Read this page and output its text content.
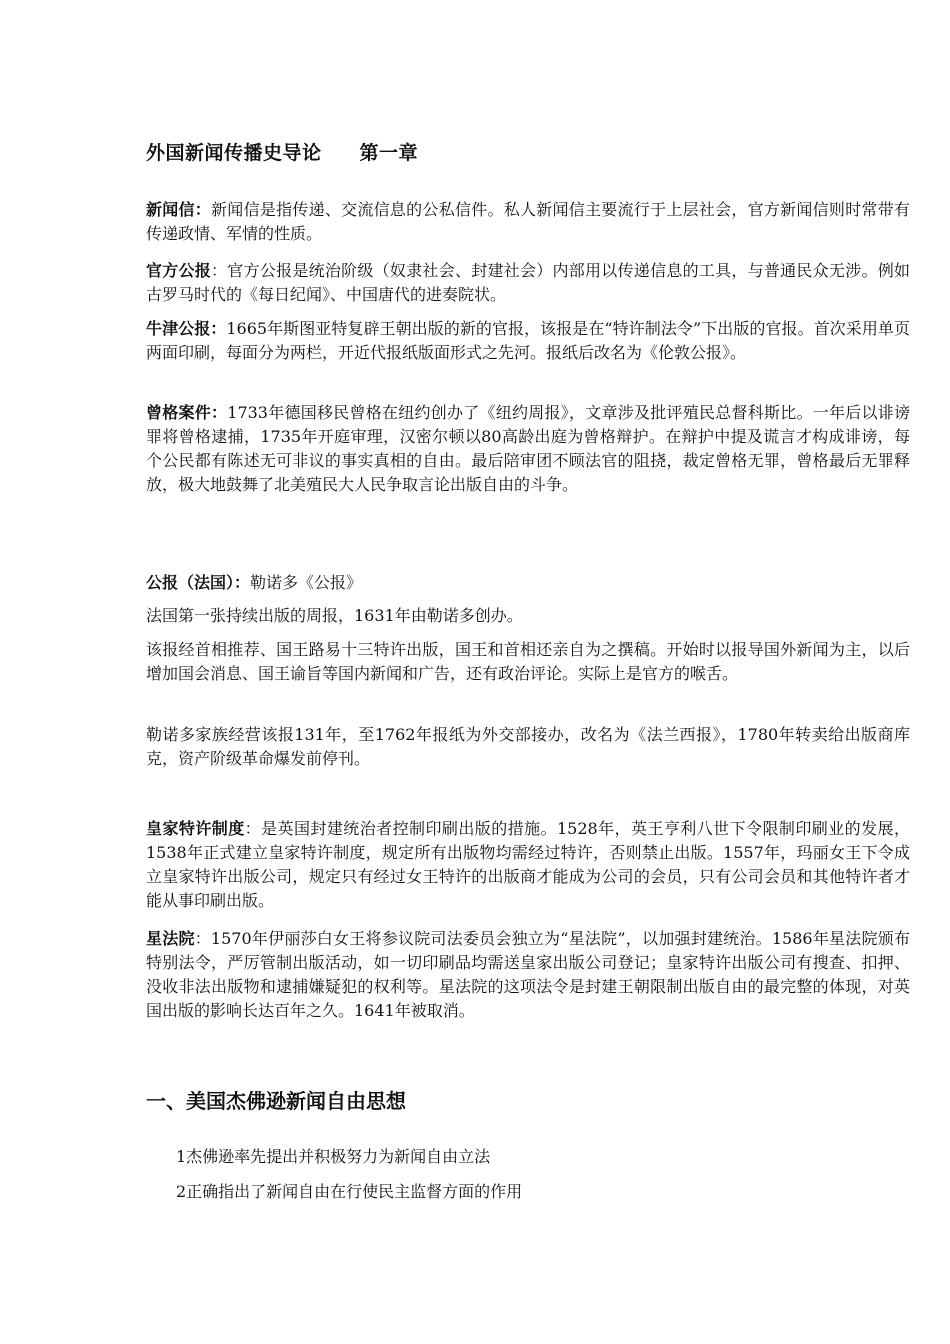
外国新闻传播史导论 第一章

新闻信：新闻信是指传递、交流信息的公私信件。私人新闻信主要流行于上层社会，官方新闻信则时常带有传递政情、军情的性质。

官方公报：官方公报是统治阶级（奴隶社会、封建社会）内部用以传递信息的工具，与普通民众无涉。例如古罗马时代的《每日纪闻》、中国唐代的进奏院状。

牛津公报：1665年斯图亚特复辟王朝出版的新的官报，该报是在“特许制法令”下出版的官报。首次采用单页两面印刷，每面分为两栏，开近代报纸版面形式之先河。报纸后改名为《伦敦公报》。

曾格案件：1733年德国移民曾格在纽约创办了《纽约周报》，文章涉及批评殖民总督科斯比。一年后以诽谤罪将曾格逮捕，1735年开庭审理，汉密尔顿以80高龄出庭为曾格辩护。在辩护中提及谎言才构成诽谤，每个公民都有陈述无可非议的事实真相的自由。最后陪审团不顾法官的阻挠，裁定曾格无罪，曾格最后无罪释放，极大地鼓舞了北美殖民大人民争取言论出版自由的斗争。

公报（法国）：勒诺多《公报》

法国第一张持续出版的周报，1631年由勒诺多创办。

该报经首相推荐、国王路易十三特许出版，国王和首相还亲自为之撰稿。开始时以报导国外新闻为主，以后增加国会消息、国王谕旨等国内新闻和广告，还有政治评论。实际上是官方的喉舌。

勒诺多家族经营该报131年，至1762年报纸为外交部接办，改名为《法兰西报》，1780年转卖给出版商库克，资产阶级革命爆发前停刊。

皇家特许制度：是英国封建统治者控制印刷出版的措施。1528年，英王亨利八世下令限制印刷业的发展，1538年正式建立皇家特许制度，规定所有出版物均需经过特许，否则禁止出版。1557年，玛丽女王下令成立皇家特许出版公司，规定只有经过女王特许的出版商才能成为公司的会员，只有公司会员和其他特许者才能从事印刷出版。

星法院：1570年伊丽莎白女王将参议院司法委员会独立为“星法院”，以加强封建统治。1586年星法院颁布特别法令，严厉管制出版活动，如一切印刷品均需送皇家出版公司登记；皇家特许出版公司有搜查、扣押、没收非法出版物和逮捕嫌疑犯的权利等。星法院的这项法令是封建王朝限制出版自由的最完整的体现，对英国出版的影响长达百年之久。1641年被取消。

一、美国杰佛逊新闻自由思想
1杰佛逊率先提出并积极努力为新闻自由立法
2正确指出了新闻自由在行使民主监督方面的作用
